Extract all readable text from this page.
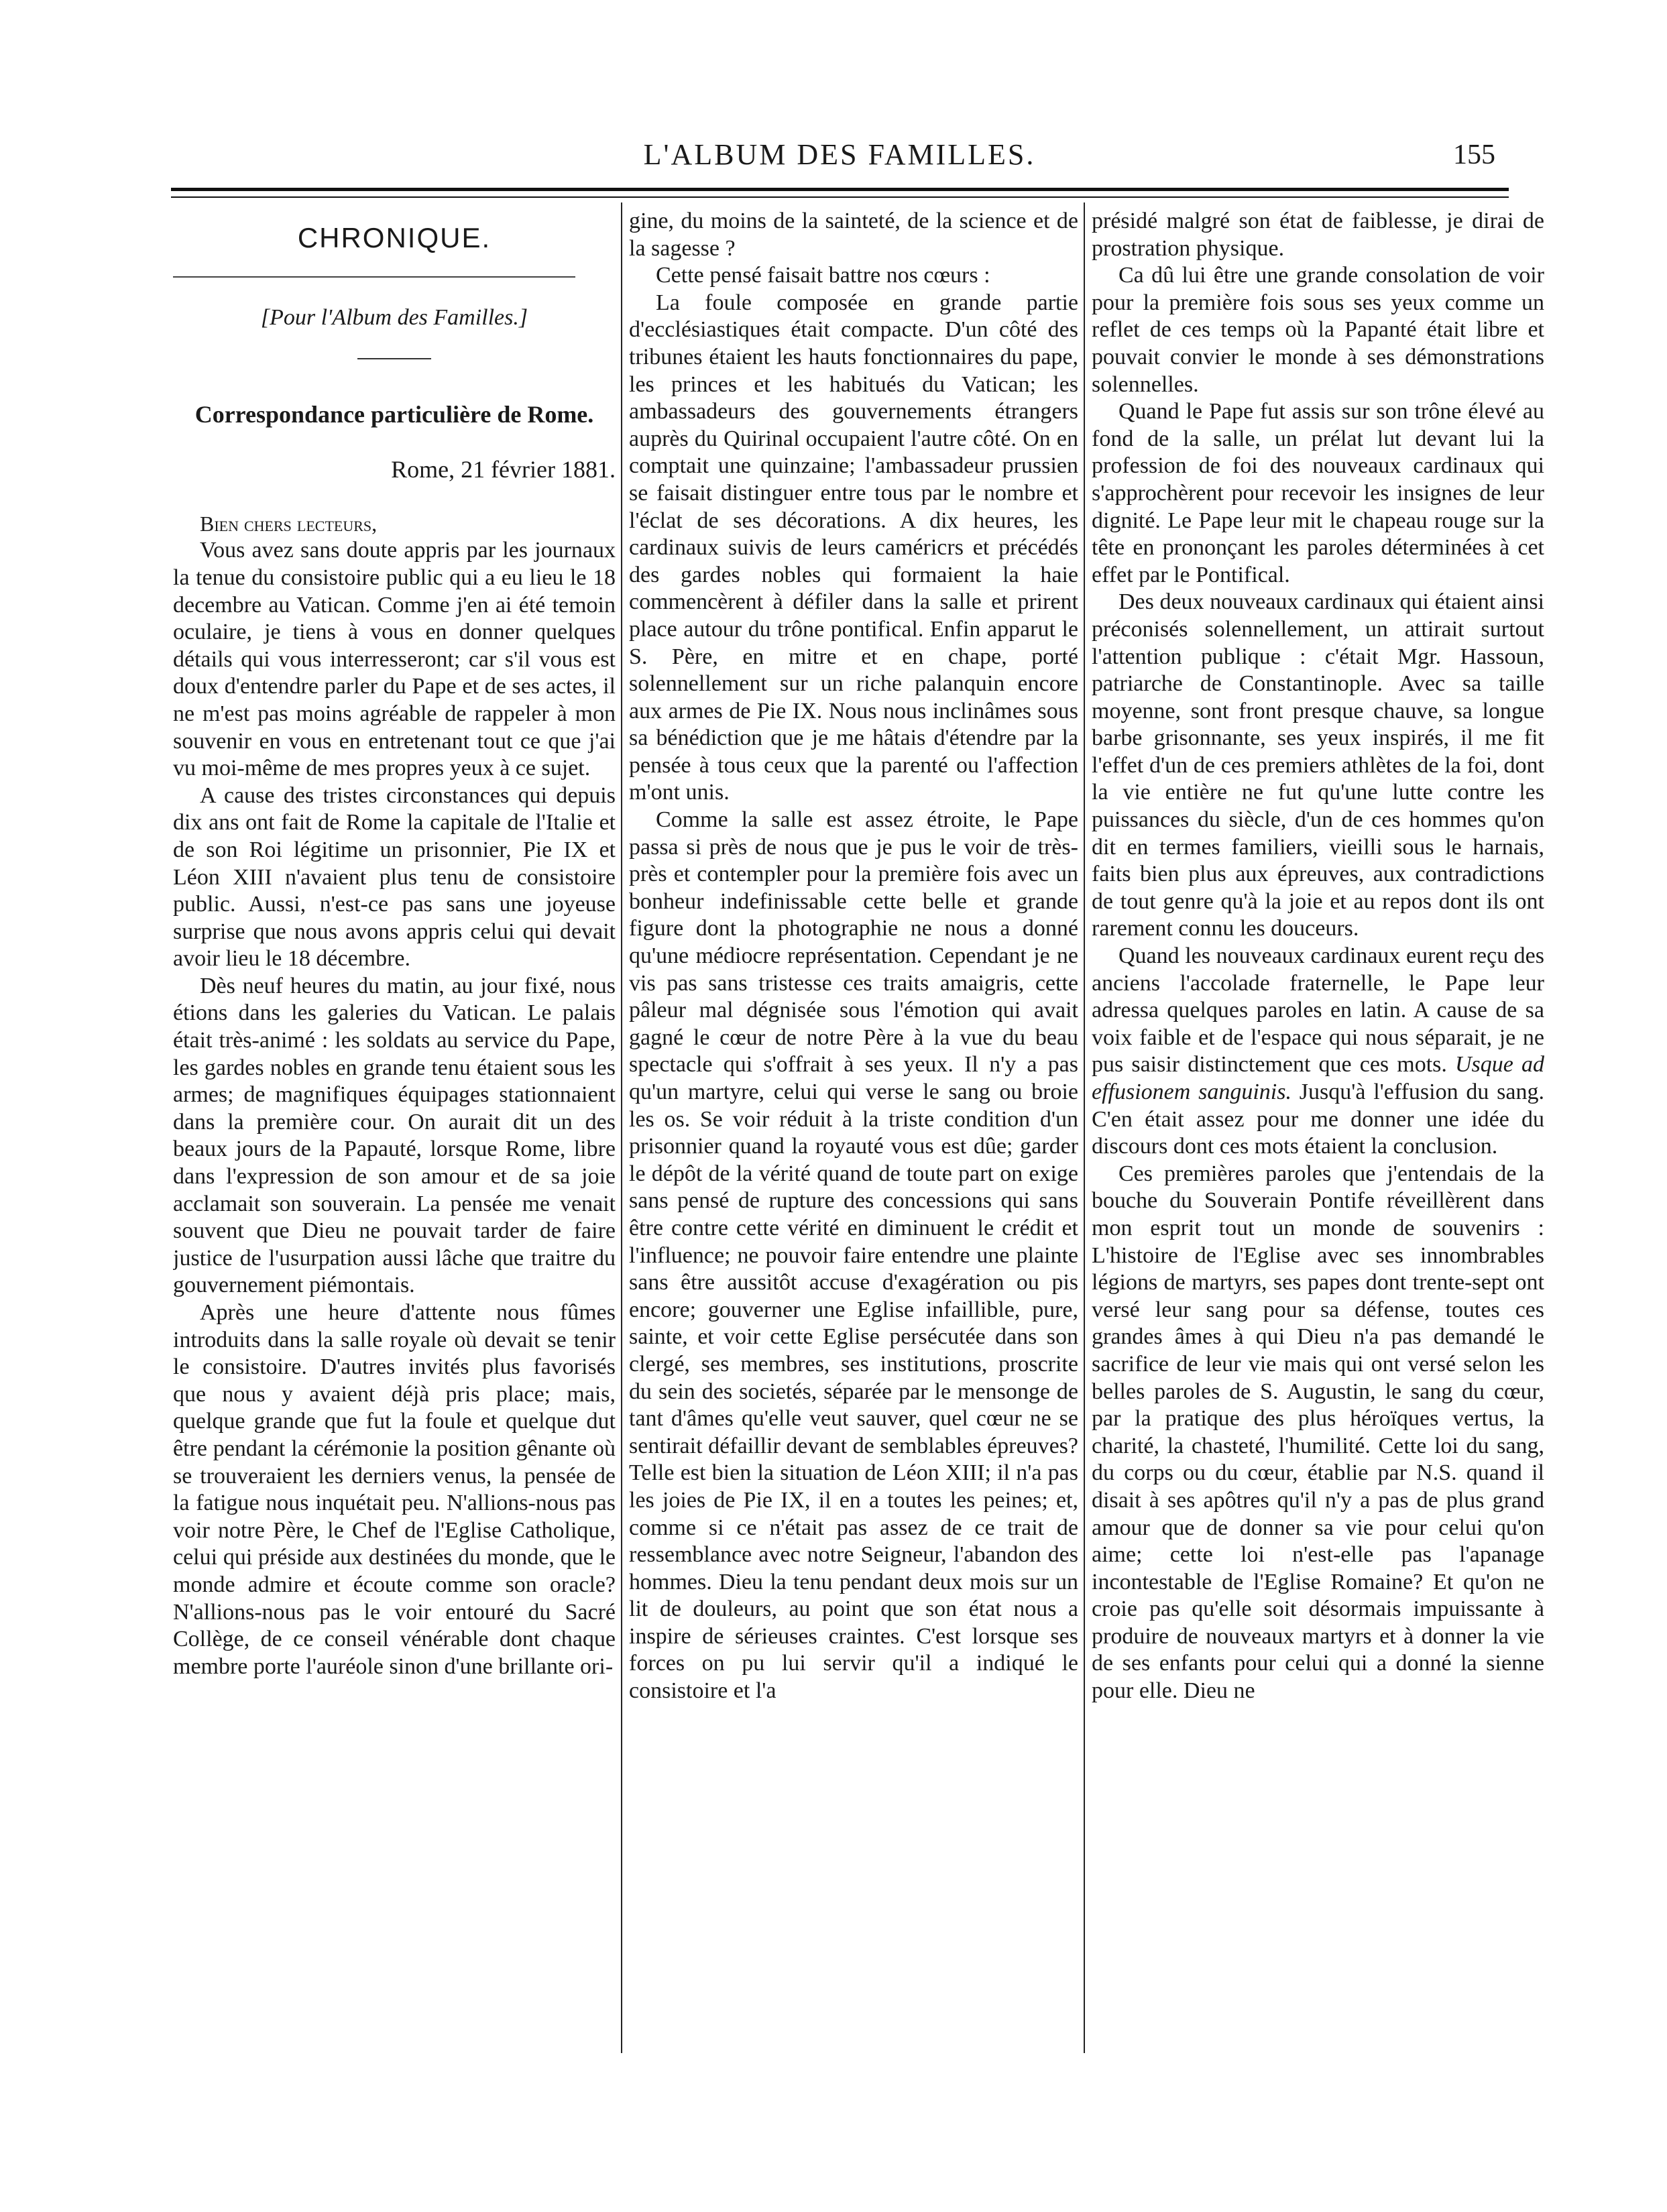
L'ALBUM DES FAMILLES.	155
CHRONIQUE.
[Pour l'Album des Familles.]
Correspondance particulière de Rome.
Rome, 21 février 1881.

Bien chers lecteurs,

Vous avez sans doute appris par les journaux la tenue du consistoire public qui a eu lieu le 18 decembre au Vatican. Comme j'en ai été temoin oculaire, je tiens à vous en donner quelques détails qui vous interresseront; car s'il vous est doux d'entendre parler du Pape et de ses actes, il ne m'est pas moins agréable de rappeler à mon souvenir en vous en entretenant tout ce que j'ai vu moi-même de mes propres yeux à ce sujet.

A cause des tristes circonstances qui depuis dix ans ont fait de Rome la capitale de l'Italie et de son Roi légitime un prisonnier, Pie IX et Léon XIII n'avaient plus tenu de consistoire public. Aussi, n'est-ce pas sans une joyeuse surprise que nous avons appris celui qui devait avoir lieu le 18 décembre.

Dès neuf heures du matin, au jour fixé, nous étions dans les galeries du Vatican. Le palais était très-animé : les soldats au service du Pape, les gardes nobles en grande tenu étaient sous les armes; de magnifiques équipages stationnaient dans la première cour. On aurait dit un des beaux jours de la Papauté, lorsque Rome, libre dans l'expression de son amour et de sa joie acclamait son souverain. La pensée me venait souvent que Dieu ne pouvait tarder de faire justice de l'usurpation aussi lâche que traitre du gouvernement piémontais.

Après une heure d'attente nous fûmes introduits dans la salle royale où devait se tenir le consistoire. D'autres invités plus favorisés que nous y avaient déjà pris place; mais, quelque grande que fut la foule et quelque dut être pendant la cérémonie la position gênante où se trouveraient les derniers venus, la pensée de la fatigue nous inquétait peu. N'allions-nous pas voir notre Père, le Chef de l'Eglise Catholique, celui qui préside aux destinées du monde, que le monde admire et écoute comme son oracle? N'allions-nous pas le voir entouré du Sacré Collège, de ce conseil vénérable dont chaque membre porte l'auréole sinon d'une brillante ori-

gine, du moins de la sainteté, de la science et de la sagesse ?

Cette pensé faisait battre nos cœurs :

La foule composée en grande partie d'ecclésiastiques était compacte. D'un côté des tribunes étaient les hauts fonctionnaires du pape, les princes et les habitués du Vatican; les ambassadeurs des gouvernements étrangers auprès du Quirinal occupaient l'autre côté. On en comptait une quinzaine; l'ambassadeur prussien se faisait distinguer entre tous par le nombre et l'éclat de ses décorations. A dix heures, les cardinaux suivis de leurs caméricrs et précédés des gardes nobles qui formaient la haie commencèrent à défiler dans la salle et prirent place autour du trône pontifical. Enfin apparut le S. Père, en mitre et en chape, porté solennellement sur un riche palanquin encore aux armes de Pie IX. Nous nous inclinâmes sous sa bénédiction que je me hâtais d'étendre par la pensée à tous ceux que la parenté ou l'affection m'ont unis.

Comme la salle est assez étroite, le Pape passa si près de nous que je pus le voir de très-près et contempler pour la première fois avec un bonheur indefinissable cette belle et grande figure dont la photographie ne nous a donné qu'une médiocre représentation. Cependant je ne vis pas sans tristesse ces traits amaigris, cette pâleur mal dégnisée sous l'émotion qui avait gagné le cœur de notre Père à la vue du beau spectacle qui s'offrait à ses yeux. Il n'y a pas qu'un martyre, celui qui verse le sang ou broie les os. Se voir réduit à la triste condition d'un prisonnier quand la royauté vous est dûe; garder le dépôt de la vérité quand de toute part on exige sans pensé de rupture des concessions qui sans être contre cette vérité en diminuent le crédit et l'influence; ne pouvoir faire entendre une plainte sans être aussitôt accuse d'exagération ou pis encore; gouverner une Eglise infaillible, pure, sainte, et voir cette Eglise persécutée dans son clergé, ses membres, ses institutions, proscrite du sein des societés, séparée par le mensonge de tant d'âmes qu'elle veut sauver, quel cœur ne se sentirait défaillir devant de semblables épreuves? Telle est bien la situation de Léon XIII; il n'a pas les joies de Pie IX, il en a toutes les peines; et, comme si ce n'était pas assez de ce trait de ressemblance avec notre Seigneur, l'abandon des hommes. Dieu la tenu pendant deux mois sur un lit de douleurs, au point que son état nous a inspire de sérieuses craintes. C'est lorsque ses forces on pu lui servir qu'il a indiqué le consistoire et l'a

présidé malgré son état de faiblesse, je dirai de prostration physique.

Ca dû lui être une grande consolation de voir pour la première fois sous ses yeux comme un reflet de ces temps où la Papanté était libre et pouvait convier le monde à ses démonstrations solennelles.

Quand le Pape fut assis sur son trône élevé au fond de la salle, un prélat lut devant lui la profession de foi des nouveaux cardinaux qui s'approchèrent pour recevoir les insignes de leur dignité. Le Pape leur mit le chapeau rouge sur la tête en prononçant les paroles déterminées à cet effet par le Pontifical.

Des deux nouveaux cardinaux qui étaient ainsi préconisés solennellement, un attirait surtout l'attention publique : c'était Mgr. Hassoun, patriarche de Constantinople. Avec sa taille moyenne, sont front presque chauve, sa longue barbe grisonnante, ses yeux inspirés, il me fit l'effet d'un de ces premiers athlètes de la foi, dont la vie entière ne fut qu'une lutte contre les puissances du siècle, d'un de ces hommes qu'on dit en termes familiers, vieilli sous le harnais, faits bien plus aux épreuves, aux contradictions de tout genre qu'à la joie et au repos dont ils ont rarement connu les douceurs.

Quand les nouveaux cardinaux eurent reçu des anciens l'accolade fraternelle, le Pape leur adressa quelques paroles en latin. A cause de sa voix faible et de l'espace qui nous séparait, je ne pus saisir distinctement que ces mots. Usque ad effusionem sanguinis. Jusqu'à l'effusion du sang. C'en était assez pour me donner une idée du discours dont ces mots étaient la conclusion.

Ces premières paroles que j'entendais de la bouche du Souverain Pontife réveillèrent dans mon esprit tout un monde de souvenirs : L'histoire de l'Eglise avec ses innombrables légions de martyrs, ses papes dont trente-sept ont versé leur sang pour sa défense, toutes ces grandes âmes à qui Dieu n'a pas demandé le sacrifice de leur vie mais qui ont versé selon les belles paroles de S. Augustin, le sang du cœur, par la pratique des plus héroïques vertus, la charité, la chasteté, l'humilité. Cette loi du sang, du corps ou du cœur, établie par N.S. quand il disait à ses apôtres qu'il n'y a pas de plus grand amour que de donner sa vie pour celui qu'on aime; cette loi n'est-elle pas l'apanage incontestable de l'Eglise Romaine? Et qu'on ne croie pas qu'elle soit désormais impuissante à produire de nouveaux martyrs et à donner la vie de ses enfants pour celui qui a donné la sienne pour elle. Dieu ne
